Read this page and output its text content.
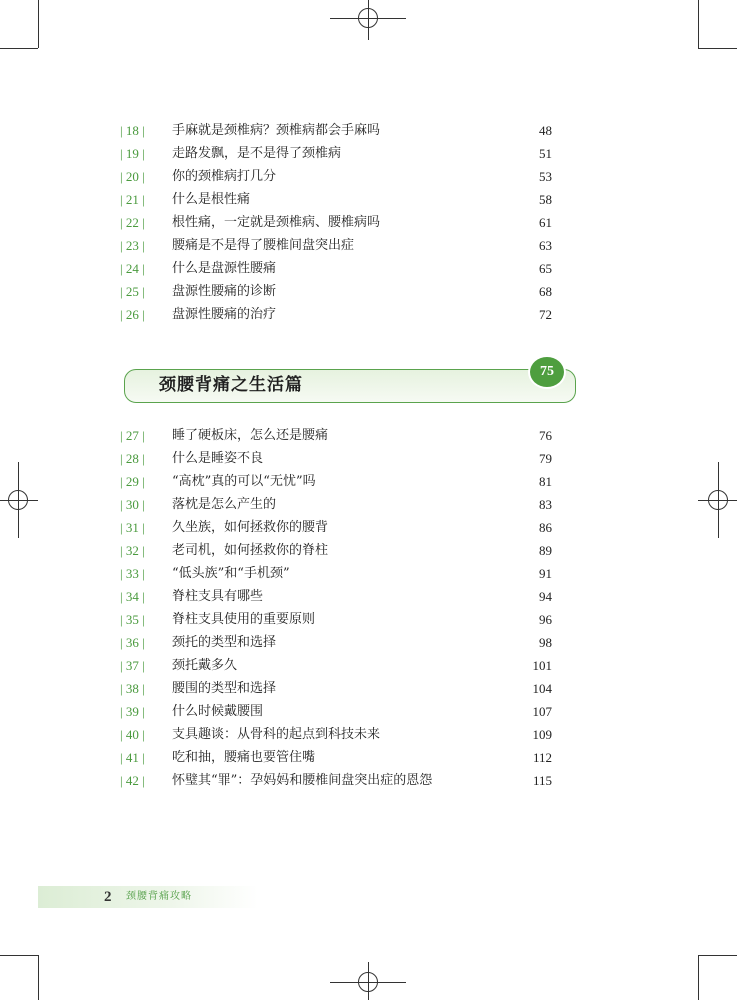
| 18 |	手麻就是颈椎病？颈椎病都会手麻吗	48
| 19 |	走路发飘，是不是得了颈椎病	51
| 20 |	你的颈椎病打几分	53
| 21 |	什么是根性痛	58
| 22 |	根性痛，一定就是颈椎病、腰椎病吗	61
| 23 |	腰痛是不是得了腰椎间盘突出症	63
| 24 |	什么是盘源性腰痛	65
| 25 |	盘源性腰痛的诊断	68
| 26 |	盘源性腰痛的治疗	72
颈腰背痛之生活篇
75
| 27 |	睡了硬板床，怎么还是腰痛	76
| 28 |	什么是睡姿不良	79
| 29 |	“高枕”真的可以“无忧”吗	81
| 30 |	落枕是怎么产生的	83
| 31 |	久坐族，如何拯救你的腰背	86
| 32 |	老司机，如何拯救你的脊柱	89
| 33 |	“低头族”和“手机颈”	91
| 34 |	脊柱支具有哪些	94
| 35 |	脊柱支具使用的重要原则	96
| 36 |	颈托的类型和选择	98
| 37 |	颈托戴多久	101
| 38 |	腰围的类型和选择	104
| 39 |	什么时候戴腰围	107
| 40 |	支具趣谈：从骨科的起点到科技未来	109
| 41 |	吃和抽，腰痛也要管住嘴	112
| 42 |	怀璧其“罪”：孕妈妈和腰椎间盘突出症的恩怨	115
2 颈腰背痛攻略
